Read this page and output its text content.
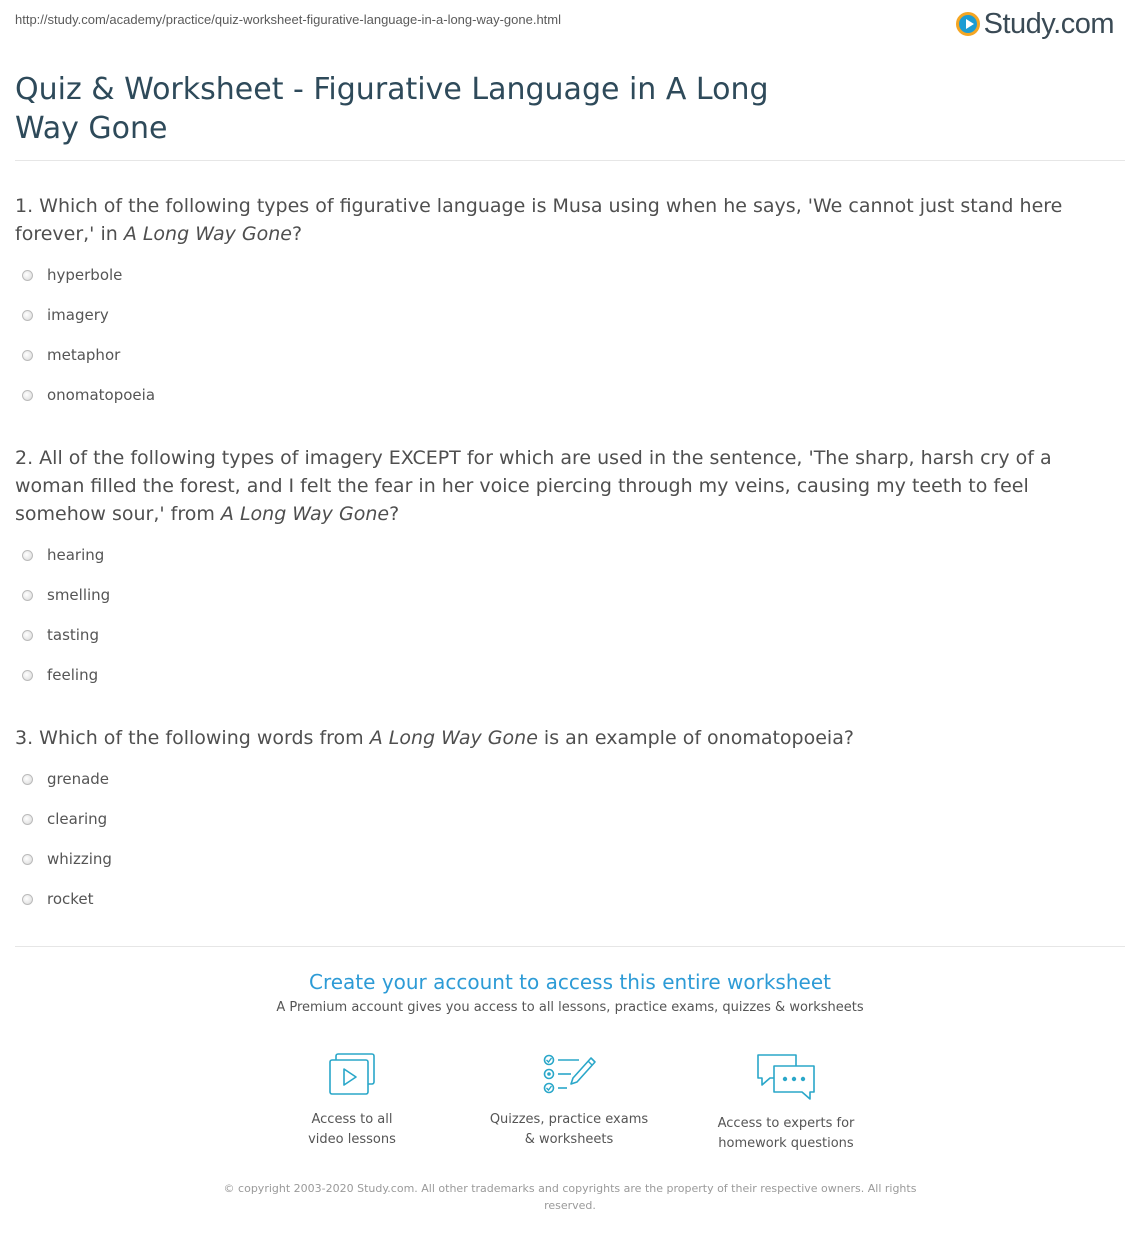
http://study.com/academy/practice/quiz-worksheet-figurative-language-in-a-long-way-gone.html	Study.com
Quiz & Worksheet - Figurative Language in A Long Way Gone
1. Which of the following types of figurative language is Musa using when he says, 'We cannot just stand here forever,' in A Long Way Gone?
hyperbole
imagery
metaphor
onomatopoeia
2. All of the following types of imagery EXCEPT for which are used in the sentence, 'The sharp, harsh cry of a woman filled the forest, and I felt the fear in her voice piercing through my veins, causing my teeth to feel somehow sour,' from A Long Way Gone?
hearing
smelling
tasting
feeling
3. Which of the following words from A Long Way Gone is an example of onomatopoeia?
grenade
clearing
whizzing
rocket
Create your account to access this entire worksheet
A Premium account gives you access to all lessons, practice exams, quizzes & worksheets
Access to all
video lessons
Quizzes, practice exams
& worksheets
Access to experts for
homework questions
© copyright 2003-2020 Study.com. All other trademarks and copyrights are the property of their respective owners. All rights reserved.
